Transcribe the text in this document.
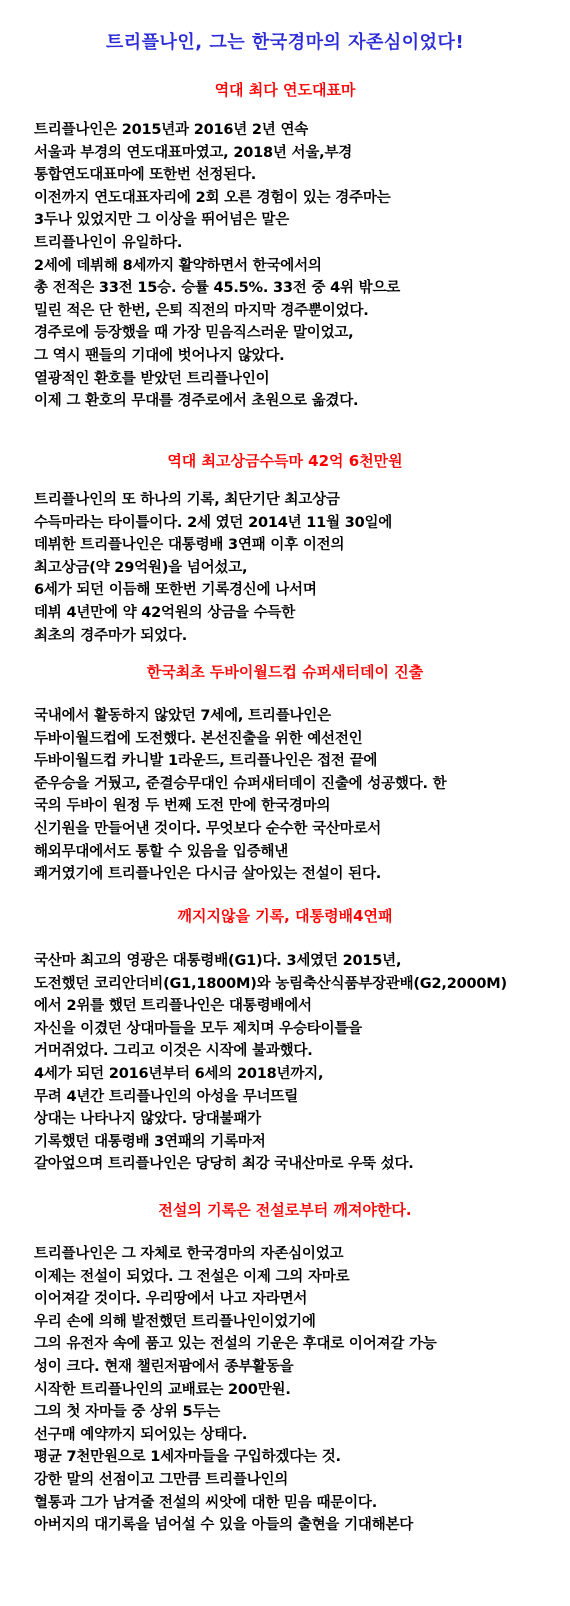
트리플나인, 그는 한국경마의 자존심이었다!
역대 최다 연도대표마
트리플나인은 2015년과 2016년 2년 연속
서울과 부경의 연도대표마였고, 2018년 서울,부경
통합연도대표마에 또한번 선정된다.
이전까지 연도대표자리에 2회 오른 경험이 있는 경주마는
3두나 있었지만 그 이상을 뛰어넘은 말은
트리플나인이 유일하다.
2세에 데뷔해 8세까지 활약하면서 한국에서의
총 전적은 33전 15승. 승률 45.5%. 33전 중 4위 밖으로
밀린 적은 단 한번, 은퇴 직전의 마지막 경주뿐이었다.
경주로에 등장했을 때 가장 믿음직스러운 말이었고,
그 역시 팬들의 기대에 벗어나지 않았다.
열광적인 환호를 받았던 트리플나인이
이제 그 환호의 무대를 경주로에서 초원으로 옮겼다.
역대 최고상금수득마 42억 6천만원
트리플나인의 또 하나의 기록, 최단기단 최고상금
수득마라는 타이틀이다. 2세 였던 2014년 11월 30일에
데뷔한 트리플나인은 대통령배 3연패 이후 이전의
최고상금(약 29억원)을 넘어섰고,
6세가 되던 이듬해 또한번 기록경신에 나서며
데뷔 4년만에 약 42억원의 상금을 수득한
최초의 경주마가 되었다.
한국최초 두바이월드컵 슈퍼새터데이 진출
국내에서 활동하지 않았던 7세에, 트리플나인은
두바이월드컵에 도전했다. 본선진출을 위한 예선전인
두바이월드컵 카니발 1라운드, 트리플나인은 접전 끝에
준우승을 거뒀고, 준결승무대인 슈퍼새터데이 진출에 성공했다. 한
국의 두바이 원정 두 번째 도전 만에 한국경마의
신기원을 만들어낸 것이다. 무엇보다 순수한 국산마로서
해외무대에서도 통할 수 있음을 입증해낸
쾌거였기에 트리플나인은 다시금 살아있는 전설이 된다.
깨지지않을 기록, 대통령배4연패
국산마 최고의 영광은 대통령배(G1)다. 3세였던 2015년,
도전했던 코리안더비(G1,1800M)와 농림축산식품부장관배(G2,2000M)
에서 2위를 했던 트리플나인은 대통령배에서
자신을 이겼던 상대마들을 모두 제치며 우승타이틀을
거머쥐었다. 그리고 이것은 시작에 불과했다.
4세가 되던 2016년부터 6세의 2018년까지,
무려 4년간 트리플나인의 아성을 무너뜨릴
상대는 나타나지 않았다. 당대불패가
기록했던 대통령배 3연패의 기록마저
갈아엎으며 트리플나인은 당당히 최강 국내산마로 우뚝 섰다.
전설의 기록은 전설로부터 깨져야한다.
트리플나인은 그 자체로 한국경마의 자존심이었고
이제는 전설이 되었다. 그 전설은 이제 그의 자마로
이어져갈 것이다. 우리땅에서 나고 자라면서
우리 손에 의해 발전했던 트리플나인이었기에
그의 유전자 속에 품고 있는 전설의 기운은 후대로 이어져갈 가능
성이 크다. 현재 챌린저팜에서 종부활동을
시작한 트리플나인의 교배료는 200만원.
그의 첫 자마들 중 상위 5두는
선구매 예약까지 되어있는 상태다.
평균 7천만원으로 1세자마들을 구입하겠다는 것.
강한 말의 선점이고 그만큼 트리플나인의
혈통과 그가 남겨줄 전설의 씨앗에 대한 믿음 때문이다.
아버지의 대기록을 넘어설 수 있을 아들의 출현을 기대해본다
